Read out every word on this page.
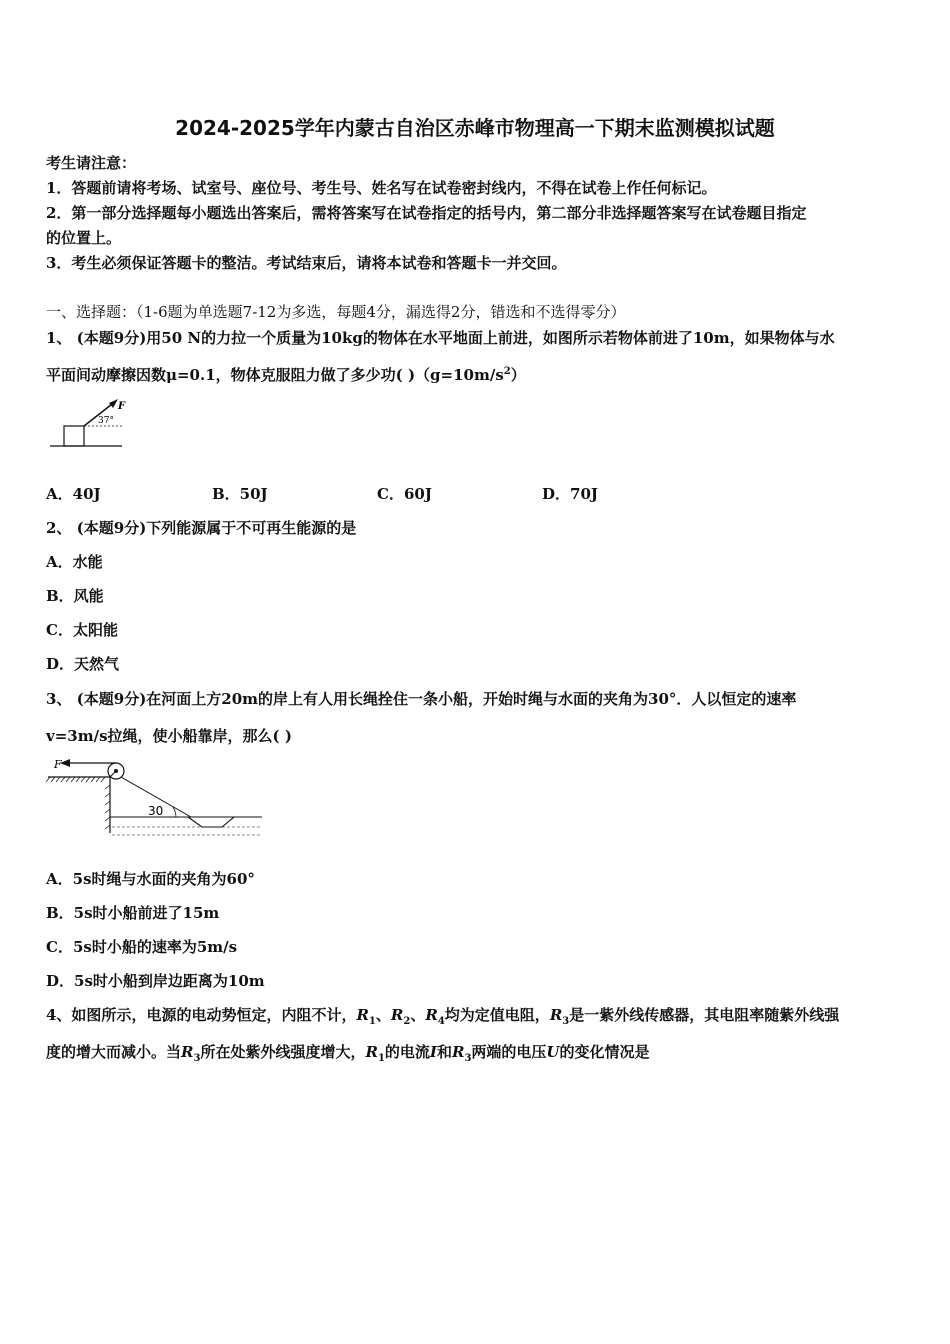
2024-2025学年内蒙古自治区赤峰市物理高一下期末监测模拟试题
考生请注意：
1．答题前请将考场、试室号、座位号、考生号、姓名写在试卷密封线内，不得在试卷上作任何标记。
2．第一部分选择题每小题选出答案后，需将答案写在试卷指定的括号内，第二部分非选择题答案写在试卷题目指定
的位置上。
3．考生必须保证答题卡的整洁。考试结束后，请将本试卷和答题卡一并交回。
一、选择题：（1-6题为单选题7-12为多选，每题4分，漏选得2分，错选和不选得零分）
1、 (本题9分)用50 N的力拉一个质量为10kg的物体在水平地面上前进，如图所示若物体前进了10m，如果物体与水
平面间动摩擦因数μ=0.1，物体克服阻力做了多少功( )$(g=10m/s^2)$
F
37°
A．40J	B．50J	C．60J	D．70J
2、 (本题9分)下列能源属于不可再生能源的是
A．水能
B．风能
C．太阳能
D．天然气
3、 (本题9分)在河面上方20m的岸上有人用长绳拴住一条小船，开始时绳与水面的夹角为30°．人以恒定的速率
v=3m/s拉绳，使小船靠岸，那么( )
F
30
A．5s时绳与水面的夹角为60°
B．5s时小船前进了15m
C．5s时小船的速率为5m/s
D．5s时小船到岸边距离为10m
4、如图所示，电源的电动势恒定，内阻不计，$R_1$、$R_2$、$R_4$均为定值电阻，$R_3$是一紫外线传感器，其电阻率随紫外线强
度的增大而减小。当$R_3$所在处紫外线强度增大，$R_1$的电流I和$R_3$两端的电压U的变化情况是
